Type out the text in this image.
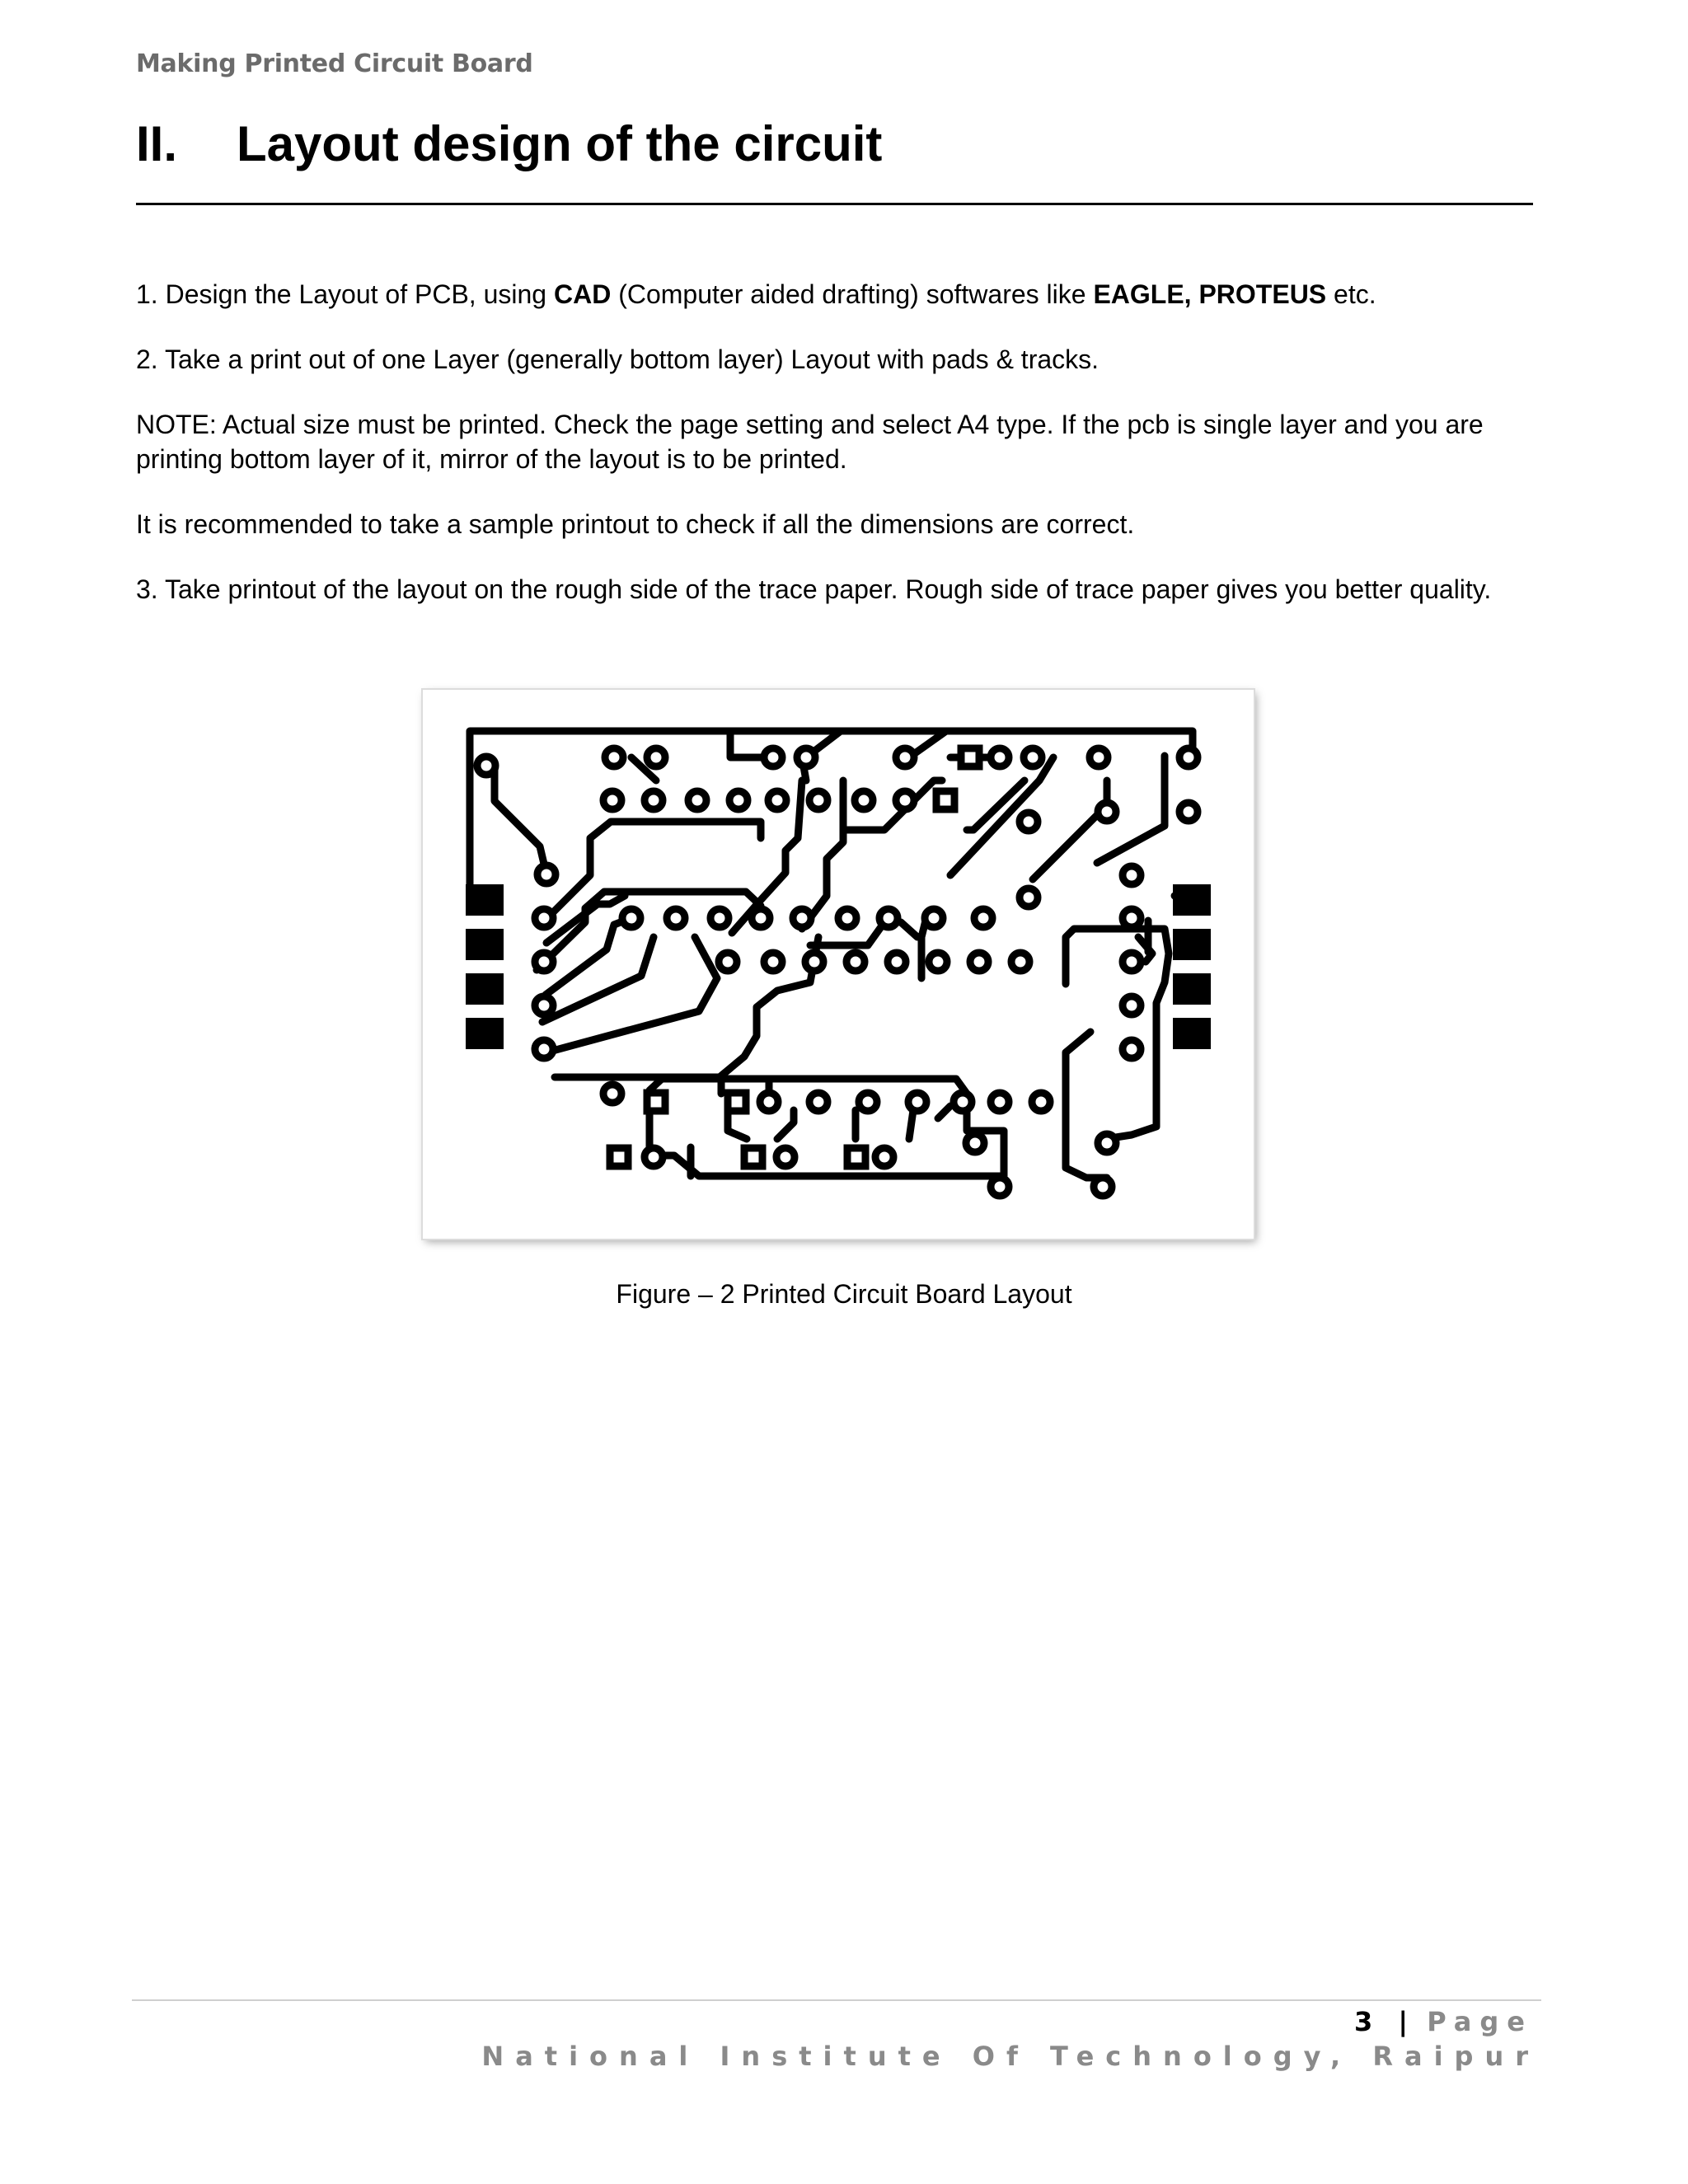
Making Printed Circuit Board
II. Layout design of the circuit

1. Design the Layout of PCB, using CAD (Computer aided drafting) softwares like EAGLE, PROTEUS etc.

2. Take a print out of one Layer (generally bottom layer) Layout with pads & tracks.

NOTE: Actual size must be printed. Check the page setting and select A4 type. If the pcb is single layer and you are printing bottom layer of it, mirror of the layout is to be printed.

It is recommended to take a sample printout to check if all the dimensions are correct.

3. Take printout of the layout on the rough side of the trace paper. Rough side of trace paper gives you better quality.

Figure – 2 Printed Circuit Board Layout
3 | Page
National Institute Of Technology, Raipur
